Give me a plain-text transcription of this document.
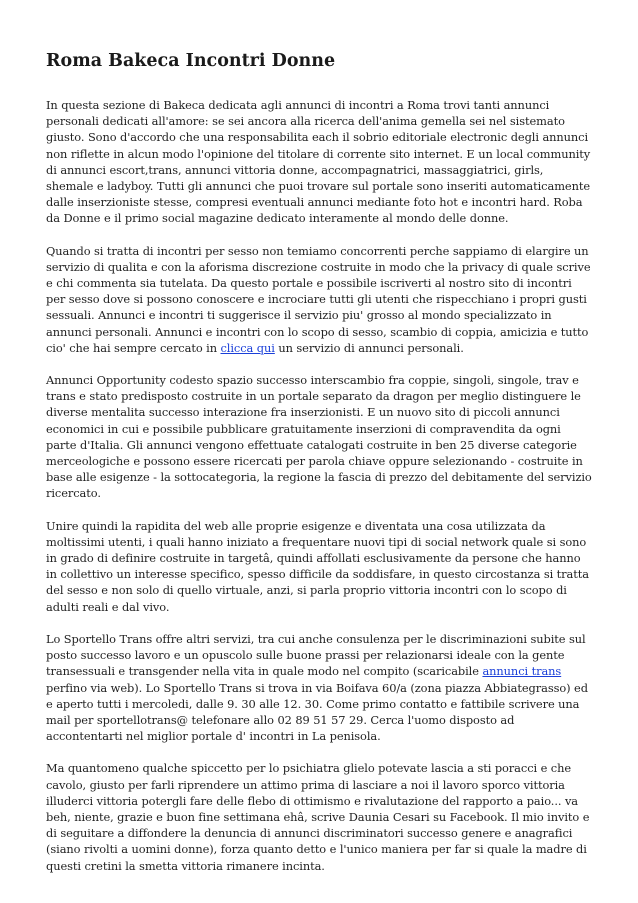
Roma Bakeca Incontri Donne

In questa sezione di Bakeca dedicata agli annunci di incontri a Roma trovi tanti annunci personali dedicati all'amore: se sei ancora alla ricerca dell'anima gemella sei nel sistemato giusto. Sono d'accordo che una responsabilita each il sobrio editoriale electronic degli annunci non riflette in alcun modo l'opinione del titolare di corrente sito internet. E un local community di annunci escort,trans, annunci vittoria donne, accompagnatrici, massaggiatrici, girls, shemale e ladyboy. Tutti gli annunci che puoi trovare sul portale sono inseriti automaticamente dalle inserzioniste stesse, compresi eventuali annunci mediante foto hot e incontri hard. Roba da Donne e il primo social magazine dedicato interamente al mondo delle donne.

Quando si tratta di incontri per sesso non temiamo concorrenti perche sappiamo di elargire un servizio di qualita e con la aforisma discrezione costruite in modo che la privacy di quale scrive e chi commenta sia tutelata. Da questo portale e possibile iscriverti al nostro sito di incontri per sesso dove si possono conoscere e incrociare tutti gli utenti che rispecchiano i propri gusti sessuali. Annunci e incontri ti suggerisce il servizio piu' grosso al mondo specializzato in annunci personali. Annunci e incontri con lo scopo di sesso, scambio di coppia, amicizia e tutto cio' che hai sempre cercato in clicca qui un servizio di annunci personali.

Annunci Opportunity codesto spazio successo interscambio fra coppie, singoli, singole, trav e trans e stato predisposto costruite in un portale separato da dragon per meglio distinguere le diverse mentalita successo interazione fra inserzionisti. E un nuovo sito di piccoli annunci economici in cui e possibile pubblicare gratuitamente inserzioni di compravendita da ogni parte d'Italia. Gli annunci vengono effettuate catalogati costruite in ben 25 diverse categorie merceologiche e possono essere ricercati per parola chiave oppure selezionando - costruite in base alle esigenze - la sottocategoria, la regione la fascia di prezzo del debitamente del servizio ricercato.

Unire quindi la rapidita del web alle proprie esigenze e diventata una cosa utilizzata da moltissimi utenti, i quali hanno iniziato a frequentare nuovi tipi di social network quale si sono in grado di definire costruite in targetâ, quindi affollati esclusivamente da persone che hanno in collettivo un interesse specifico, spesso difficile da soddisfare, in questo circostanza si tratta del sesso e non solo di quello virtuale, anzi, si parla proprio vittoria incontri con lo scopo di adulti reali e dal vivo.

Lo Sportello Trans offre altri servizi, tra cui anche consulenza per le discriminazioni subite sul posto successo lavoro e un opuscolo sulle buone prassi per relazionarsi ideale con la gente transessuali e transgender nella vita in quale modo nel compito (scaricabile annunci trans perfino via web). Lo Sportello Trans si trova in via Boifava 60/a (zona piazza Abbiategrasso) ed e aperto tutti i mercoledi, dalle 9. 30 alle 12. 30. Come primo contatto e fattibile scrivere una mail per sportellotrans@ telefonare allo 02 89 51 57 29. Cerca l'uomo disposto ad accontentarti nel miglior portale d' incontri in La penisola.

Ma quantomeno qualche spiccetto per lo psichiatra glielo potevate lascia a sti poracci e che cavolo, giusto per farli riprendere un attimo prima di lasciare a noi il lavoro sporco vittoria illuderci vittoria potergli fare delle flebo di ottimismo e rivalutazione del rapporto a paio... va beh, niente, grazie e buon fine settimana ehâ, scrive Daunia Cesari su Facebook. Il mio invito e di seguitare a diffondere la denuncia di annunci discriminatori successo genere e anagrafici (siano rivolti a uomini donne), forza quanto detto e l'unico maniera per far si quale la madre di questi cretini la smetta vittoria rimanere incinta.
